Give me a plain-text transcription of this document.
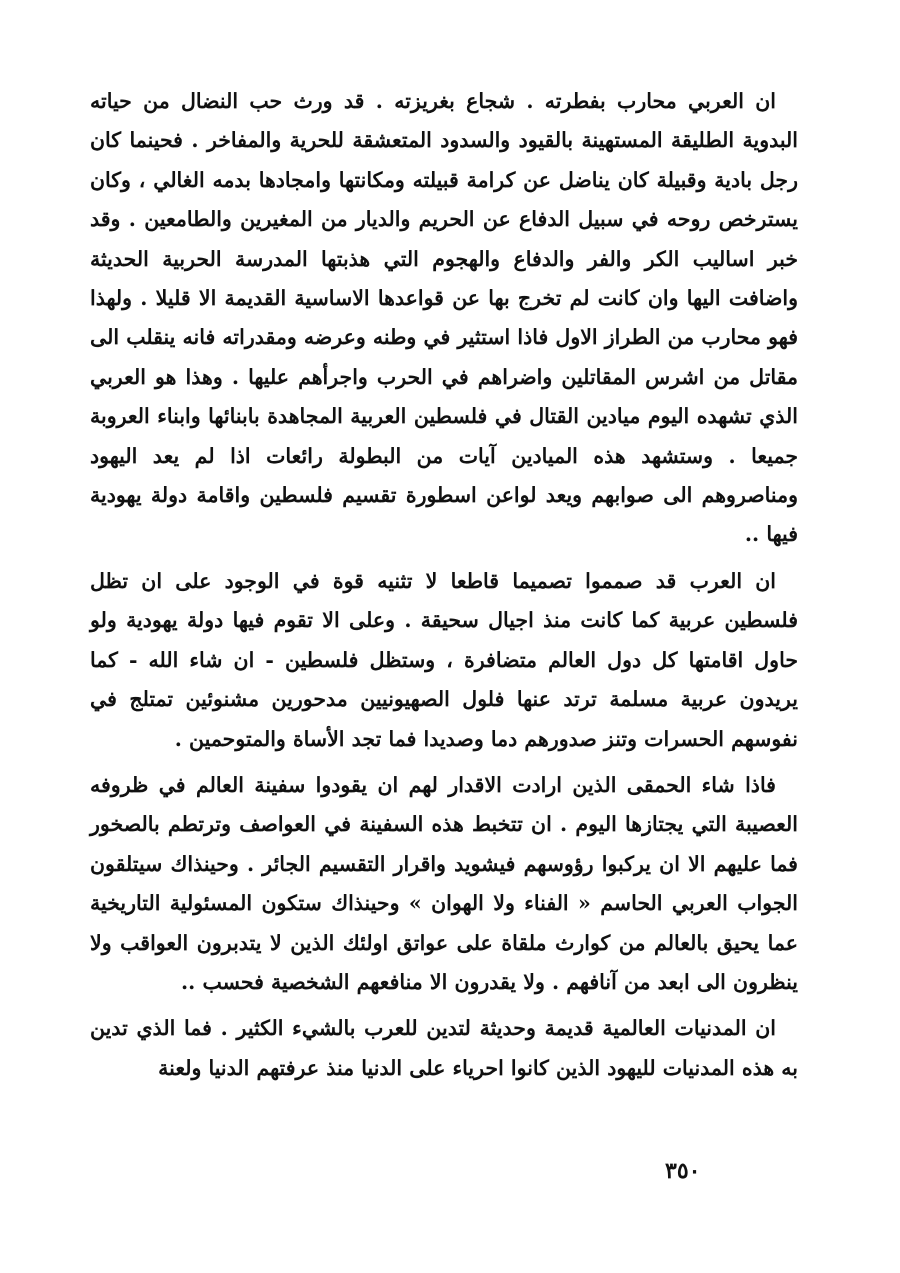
ان العربي محارب بفطرته . شجاع بغريزته . قد ورث حب النضال من حياته البدوية الطليقة المستهينة بالقيود والسدود المتعشقة للحرية والمفاخر . فحينما كان رجل بادية وقبيلة كان يناضل عن كرامة قبيلته ومكانتها وامجادها بدمه الغالي ، وكان يسترخص روحه في سبيل الدفاع عن الحريم والديار من المغيرين والطامعين . وقد خبر اساليب الكر والفر والدفاع والهجوم التي هذبتها المدرسة الحربية الحديثة واضافت اليها وان كانت لم تخرج بها عن قواعدها الاساسية القديمة الا قليلا . ولهذا فهو محارب من الطراز الاول فاذا استثير في وطنه وعرضه ومقدراته فانه ينقلب الى مقاتل من اشرس المقاتلين واضراهم في الحرب واجرأهم عليها . وهذا هو العربي الذي تشهده اليوم ميادين القتال في فلسطين العربية المجاهدة بابنائها وابناء العروبة جميعا . وستشهد هذه الميادين آيات من البطولة رائعات اذا لم يعد اليهود ومناصروهم الى صوابهم ويعد لواعن اسطورة تقسيم فلسطين واقامة دولة يهودية فيها ..

ان العرب قد صمموا تصميما قاطعا لا تثنيه قوة في الوجود على ان تظل فلسطين عربية كما كانت منذ اجيال سحيقة . وعلى الا تقوم فيها دولة يهودية ولو حاول اقامتها كل دول العالم متضافرة ، وستظل فلسطين - ان شاء الله - كما يريدون عربية مسلمة ترتد عنها فلول الصهيونيين مدحورين مشنوئين تمتلج في نفوسهم الحسرات وتنز صدورهم دما وصديدا فما تجد الأساة والمتوحمين .

فاذا شاء الحمقى الذين ارادت الاقدار لهم ان يقودوا سفينة العالم في ظروفه العصيبة التي يجتازها اليوم . ان تتخبط هذه السفينة في العواصف وترتطم بالصخور فما عليهم الا ان يركبوا رؤوسهم فيشويد واقرار التقسيم الجائر . وحينذاك سيتلقون الجواب العربي الحاسم « الفناء ولا الهوان » وحينذاك ستكون المسئولية التاريخية عما يحيق بالعالم من كوارث ملقاة على عواتق اولئك الذين لا يتدبرون العواقب ولا ينظرون الى ابعد من آنافهم . ولا يقدرون الا منافعهم الشخصية فحسب ..

ان المدنيات العالمية قديمة وحديثة لتدين للعرب بالشيء الكثير . فما الذي تدين به هذه المدنيات لليهود الذين كانوا احرياء على الدنيا منذ عرفتهم الدنيا ولعنة

٣٥٠
